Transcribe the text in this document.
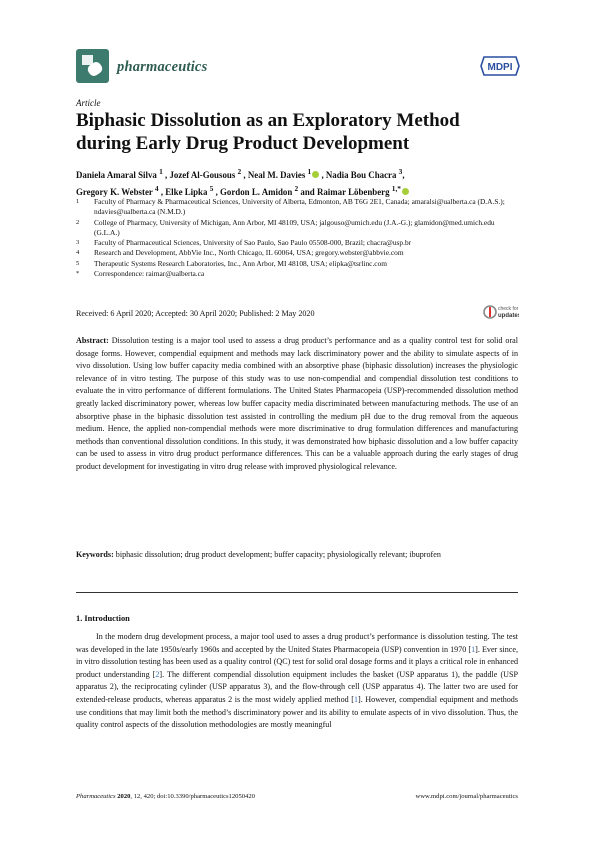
pharmaceutics	MDPI
Article
Biphasic Dissolution as an Exploratory Method during Early Drug Product Development
Daniela Amaral Silva $^1$ , Jozef Al-Gousous $^2$ , Neal M. Davies $^1$ , Nadia Bou Chacra $^3$,
Gregory K. Webster $^4$ , Elke Lipka $^5$ , Gordon L. Amidon $^2$ and Raimar Löbenberg $^{1,*}$
1	Faculty of Pharmacy & Pharmaceutical Sciences, University of Alberta, Edmonton, AB T6G 2E1, Canada; amaralsi@ualberta.ca (D.A.S.); ndavies@ualberta.ca (N.M.D.)
2	College of Pharmacy, University of Michigan, Ann Arbor, MI 48109, USA; jalgouso@umich.edu (J.A.-G.); glamidon@med.umich.edu (G.L.A.)
3	Faculty of Pharmaceutical Sciences, University of Sao Paulo, Sao Paulo 05508-000, Brazil; chacra@usp.br
4	Research and Development, AbbVie Inc., North Chicago, IL 60064, USA; gregory.webster@abbvie.com
5	Therapeutic Systems Research Laboratories, Inc., Ann Arbor, MI 48108, USA; elipka@tsrlinc.com
*	Correspondence: raimar@ualberta.ca
check for
updates
Received: 6 April 2020; Accepted: 30 April 2020; Published: 2 May 2020
Abstract: Dissolution testing is a major tool used to assess a drug product’s performance and as a quality control test for solid oral dosage forms. However, compendial equipment and methods may lack discriminatory power and the ability to simulate aspects of in vivo dissolution. Using low buffer capacity media combined with an absorptive phase (biphasic dissolution) increases the physiologic relevance of in vitro testing. The purpose of this study was to use non-compendial and compendial dissolution test conditions to evaluate the in vitro performance of different formulations. The United States Pharmacopeia (USP)-recommended dissolution method greatly lacked discriminatory power, whereas low buffer capacity media discriminated between manufacturing methods. The use of an absorptive phase in the biphasic dissolution test assisted in controlling the medium pH due to the drug removal from the aqueous medium. Hence, the applied non-compendial methods were more discriminative to drug formulation differences and manufacturing methods than conventional dissolution conditions. In this study, it was demonstrated how biphasic dissolution and a low buffer capacity can be used to assess in vitro drug product performance differences. This can be a valuable approach during the early stages of drug product development for investigating in vitro drug release with improved physiological relevance.
Keywords: biphasic dissolution; drug product development; buffer capacity; physiologically relevant; ibuprofen
1. Introduction
In the modern drug development process, a major tool used to asses a drug product’s performance is dissolution testing. The test was developed in the late 1950s/early 1960s and accepted by the United States Pharmacopeia (USP) convention in 1970 [1]. Ever since, in vitro dissolution testing has been used as a quality control (QC) test for solid oral dosage forms and it plays a critical role in enhanced product understanding [2]. The different compendial dissolution equipment includes the basket (USP apparatus 1), the paddle (USP apparatus 2), the reciprocating cylinder (USP apparatus 3), and the flow-through cell (USP apparatus 4). The latter two are used for extended-release products, whereas apparatus 2 is the most widely applied method [1]. However, compendial equipment and methods use conditions that may limit both the method’s discriminatory power and its ability to emulate aspects of in vivo dissolution. Thus, the quality control aspects of the dissolution methodologies are mostly meaningful
Pharmaceutics 2020, 12, 420; doi:10.3390/pharmaceutics12050420	www.mdpi.com/journal/pharmaceutics
